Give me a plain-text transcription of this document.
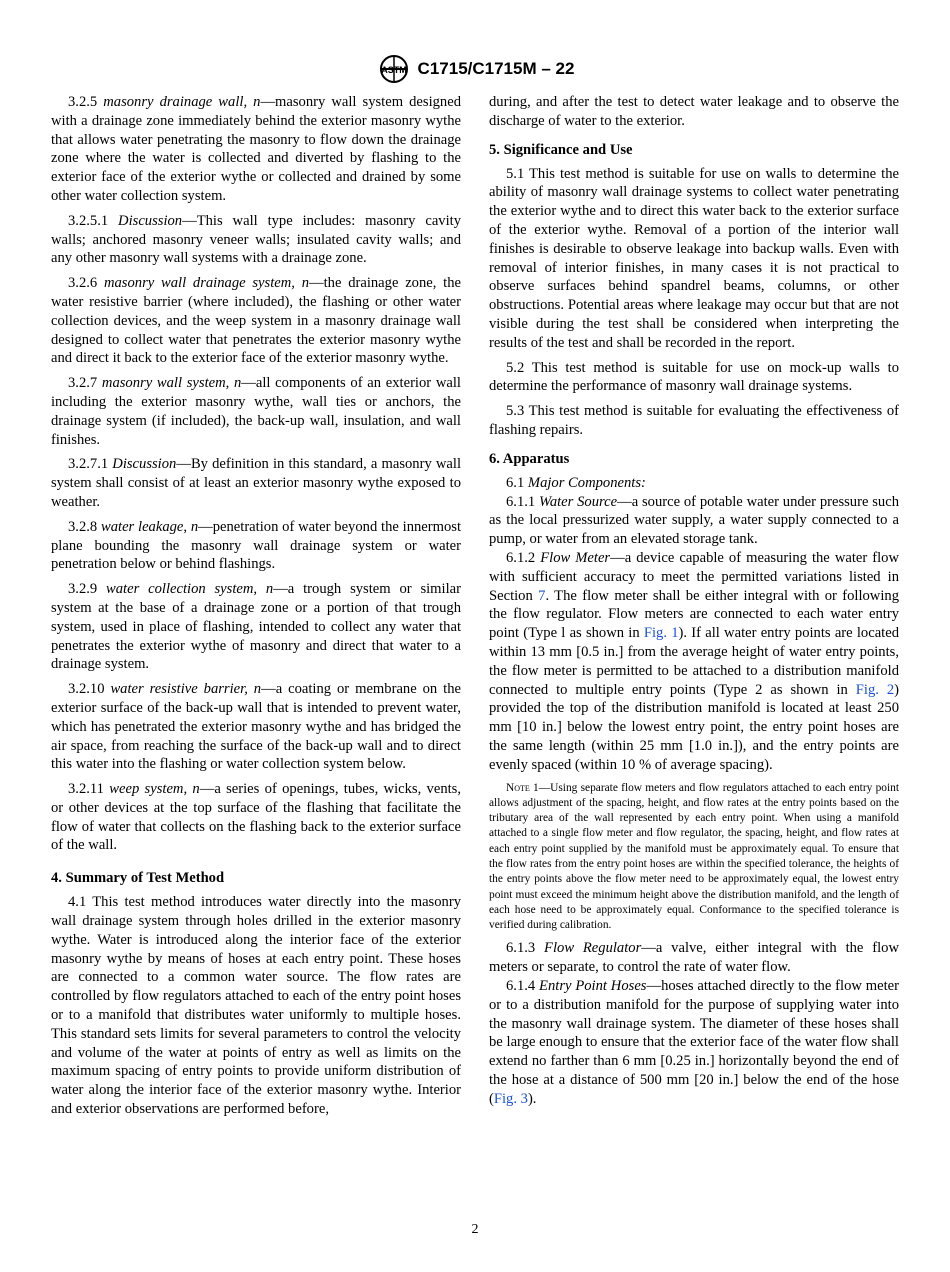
ASTM C1715/C1715M – 22

3.2.5 masonry drainage wall, n—masonry wall system designed with a drainage zone immediately behind the exterior masonry wythe that allows water penetrating the masonry to flow down the drainage zone where the water is collected and diverted by flashing to the exterior face of the exterior wythe or collected and drained by some other water collection system.

3.2.5.1 Discussion—This wall type includes: masonry cavity walls; anchored masonry veneer walls; insulated cavity walls; and any other masonry wall systems with a drainage zone.

3.2.6 masonry wall drainage system, n—the drainage zone, the water resistive barrier (where included), the flashing or other water collection devices, and the weep system in a masonry drainage wall designed to collect water that penetrates the exterior masonry wythe and direct it back to the exterior face of the exterior masonry wythe.

3.2.7 masonry wall system, n—all components of an exterior wall including the exterior masonry wythe, wall ties or anchors, the drainage system (if included), the back-up wall, insulation, and wall finishes.

3.2.7.1 Discussion—By definition in this standard, a masonry wall system shall consist of at least an exterior masonry wythe exposed to weather.

3.2.8 water leakage, n—penetration of water beyond the innermost plane bounding the masonry wall drainage system or water penetration below or behind flashings.

3.2.9 water collection system, n—a trough system or similar system at the base of a drainage zone or a portion of that trough system, used in place of flashing, intended to collect any water that penetrates the exterior wythe of masonry and direct that water to a drainage system.

3.2.10 water resistive barrier, n—a coating or membrane on the exterior surface of the back-up wall that is intended to prevent water, which has penetrated the exterior masonry wythe and has bridged the air space, from reaching the surface of the back-up wall and to direct this water into the flashing or water collection system below.

3.2.11 weep system, n—a series of openings, tubes, wicks, vents, or other devices at the top surface of the flashing that facilitate the flow of water that collects on the flashing back to the exterior surface of the wall.

4. Summary of Test Method

4.1 This test method introduces water directly into the masonry wall drainage system through holes drilled in the exterior masonry wythe. Water is introduced along the interior face of the exterior masonry wythe by means of hoses at each entry point. These hoses are connected to a common water source. The flow rates are controlled by flow regulators attached to each of the entry point hoses or to a manifold that distributes water uniformly to multiple hoses. This standard sets limits for several parameters to control the velocity and volume of the water at points of entry as well as limits on the maximum spacing of entry points to provide uniform distribution of water along the interior face of the exterior masonry wythe. Interior and exterior observations are performed before,

during, and after the test to detect water leakage and to observe the discharge of water to the exterior.

5. Significance and Use

5.1 This test method is suitable for use on walls to determine the ability of masonry wall drainage systems to collect water penetrating the exterior wythe and to direct this water back to the exterior surface of the exterior wythe. Removal of a portion of the interior wall finishes is desirable to observe leakage into backup walls. Even with removal of interior finishes, in many cases it is not practical to observe surfaces behind spandrel beams, columns, or other obstructions. Potential areas where leakage may occur but that are not visible during the test shall be considered when interpreting the results of the test and shall be recorded in the report.

5.2 This test method is suitable for use on mock-up walls to determine the performance of masonry wall drainage systems.

5.3 This test method is suitable for evaluating the effectiveness of flashing repairs.

6. Apparatus

6.1 Major Components:

6.1.1 Water Source—a source of potable water under pressure such as the local pressurized water supply, a water supply connected to a pump, or water from an elevated storage tank.

6.1.2 Flow Meter—a device capable of measuring the water flow with sufficient accuracy to meet the permitted variations listed in Section 7. The flow meter shall be either integral with or following the flow regulator. Flow meters are connected to each water entry point (Type l as shown in Fig. 1). If all water entry points are located within 13 mm [0.5 in.] from the average height of water entry points, the flow meter is permitted to be attached to a distribution manifold connected to multiple entry points (Type 2 as shown in Fig. 2) provided the top of the distribution manifold is located at least 250 mm [10 in.] below the lowest entry point, the entry point hoses are the same length (within 25 mm [1.0 in.]), and the entry points are evenly spaced (within 10 % of average spacing).

Note 1—Using separate flow meters and flow regulators attached to each entry point allows adjustment of the spacing, height, and flow rates at the entry points based on the tributary area of the wall represented by each entry point. When using a manifold attached to a single flow meter and flow regulator, the spacing, height, and flow rates at each entry point supplied by the manifold must be approximately equal. To ensure that the flow rates from the entry point hoses are within the specified tolerance, the heights of the entry points above the flow meter need to be approximately equal, the lowest entry point must exceed the minimum height above the distribution manifold, and the length of each hose need to be approximately equal. Conformance to the specified tolerance is verified during calibration.

6.1.3 Flow Regulator—a valve, either integral with the flow meters or separate, to control the rate of water flow.

6.1.4 Entry Point Hoses—hoses attached directly to the flow meter or to a distribution manifold for the purpose of supplying water into the masonry wall drainage system. The diameter of these hoses shall be large enough to ensure that the exterior face of the water flow shall extend no farther than 6 mm [0.25 in.] horizontally beyond the end of the hose at a distance of 500 mm [20 in.] below the end of the hose (Fig. 3).

2
